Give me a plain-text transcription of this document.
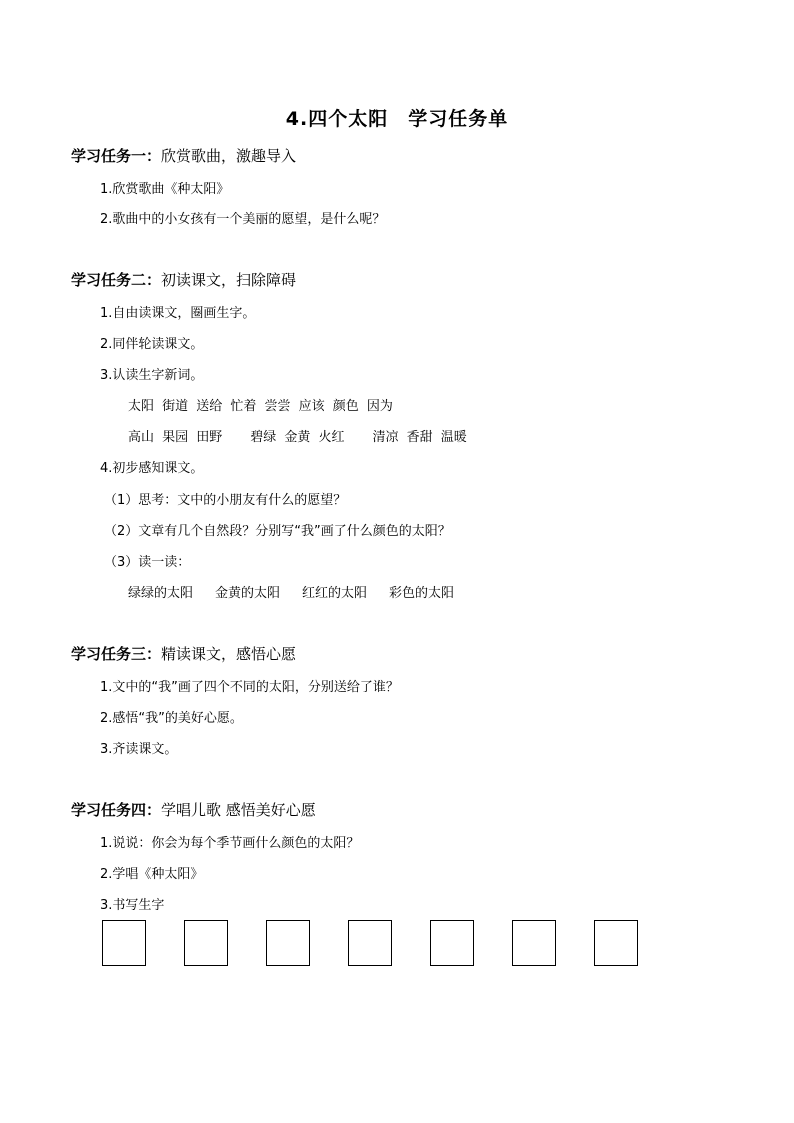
4.四个太阳　学习任务单
学习任务一：欣赏歌曲，激趣导入
1.欣赏歌曲《种太阳》
2.歌曲中的小女孩有一个美丽的愿望，是什么呢？
学习任务二：初读课文，扫除障碍
1.自由读课文，圈画生字。
2.同伴轮读课文。
3.认读生字新词。
太阳 街道 送给 忙着 尝尝 应该 颜色 因为
高山 果园 田野 碧绿 金黄 火红 清凉 香甜 温暖
4.初步感知课文。
（1）思考：文中的小朋友有什么的愿望？
（2）文章有几个自然段？分别写“我”画了什么颜色的太阳？
（3）读一读：
绿绿的太阳 金黄的太阳 红红的太阳 彩色的太阳
学习任务三：精读课文，感悟心愿
1.文中的“我”画了四个不同的太阳，分别送给了谁？
2.感悟“我”的美好心愿。
3.齐读课文。
学习任务四：学唱儿歌 感悟美好心愿
1.说说：你会为每个季节画什么颜色的太阳？
2.学唱《种太阳》
3.书写生字
